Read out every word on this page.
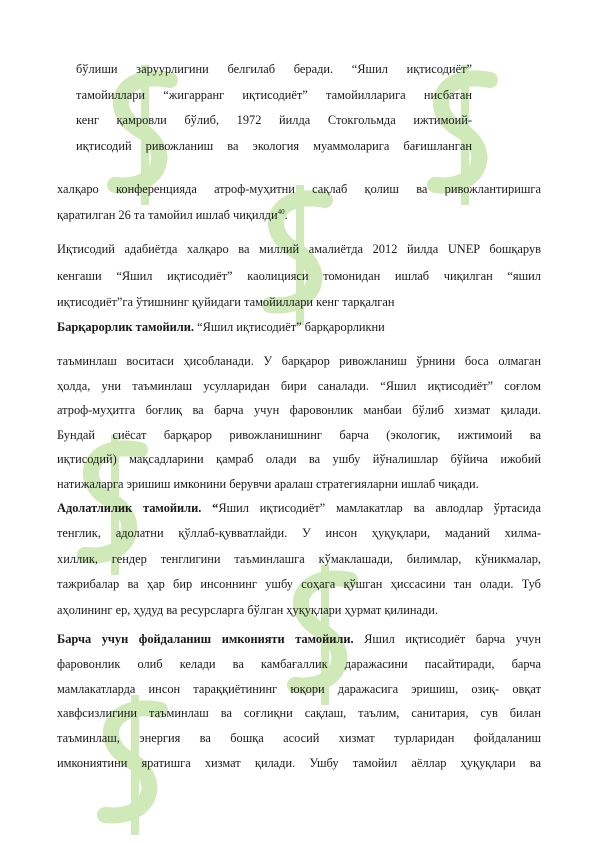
бўлиши заруурлигини белгилаб беради. “Яшил иқтисодиёт”
тамойиллари “жигарранг иқтисодиёт” тамойилларига нисбатан
кенг қамровли бўлиб, 1972 йилда Стокгольмда ижтимоий-
иқтисодий ривожланиш ва экология муаммоларига бағишланган
халқаро конференцияда атроф-муҳитни сақлаб қолиш ва ривожлантиришга
қаратилган 26 та тамойил ишлаб чиқилди$^{40}$.
Иқтисодий адабиётда халқаро ва миллий амалиётда 2012 йилда UNEP бошқарув
кенгаши “Яшил иқтисодиёт” каолицияси томонидан ишлаб чиқилган “яшил
иқтисодиёт”га ўтишнинг қуйидаги тамойиллари кенг тарқалган
Барқарорлик тамойили. “Яшил иқтисодиёт” барқарорликни
таъминлаш воситаси ҳисобланади. У барқарор ривожланиш ўрнини боса олмаган
ҳолда, уни таъминлаш усулларидан бири саналади. “Яшил иқтисодиёт” соғлом
атроф-муҳитга боғлиқ ва барча учун фаровонлик манбаи бўлиб хизмат қилади.
Бундай сиёсат барқарор ривожланишнинг барча (экологик, ижтимоий ва
иқтисодий) мақсадларини қамраб олади ва ушбу йўналишлар бўйича ижобий
натижаларга эришиш имконини берувчи аралаш стратегияларни ишлаб чиқади.
Адолатлилик тамойили. “Яшил иқтисодиёт” мамлакатлар ва авлодлар ўртасида
тенглик, адолатни қўллаб-қувватлайди. У инсон ҳуқуқлари, маданий хилма-
хиллик, гендер тенглигини таъминлашга кўмаклашади, билимлар, кўникмалар,
тажрибалар ва ҳар бир инсоннинг ушбу соҳага қўшган ҳиссасини тан олади. Туб
аҳолининг ер, ҳудуд ва ресурсларга бўлган ҳуқуқлари ҳурмат қилинади.
Барча учун фойдаланиш имконияти тамойили. Яшил иқтисодиёт барча учун
фаровонлик олиб келади ва камбағаллик даражасини пасайтиради, барча
мамлакатларда инсон тараққиётининг юқори даражасига эришиш, озиқ- овқат
хавфсизлигини таъминлаш ва соғлиқни сақлаш, таълим, санитария, сув билан
таъминлаш, энергия ва бошқа асосий хизмат турларидан фойдаланиш
имкониятини яратишга хизмат қилади. Ушбу тамойил аёллар ҳуқуқлари ва
